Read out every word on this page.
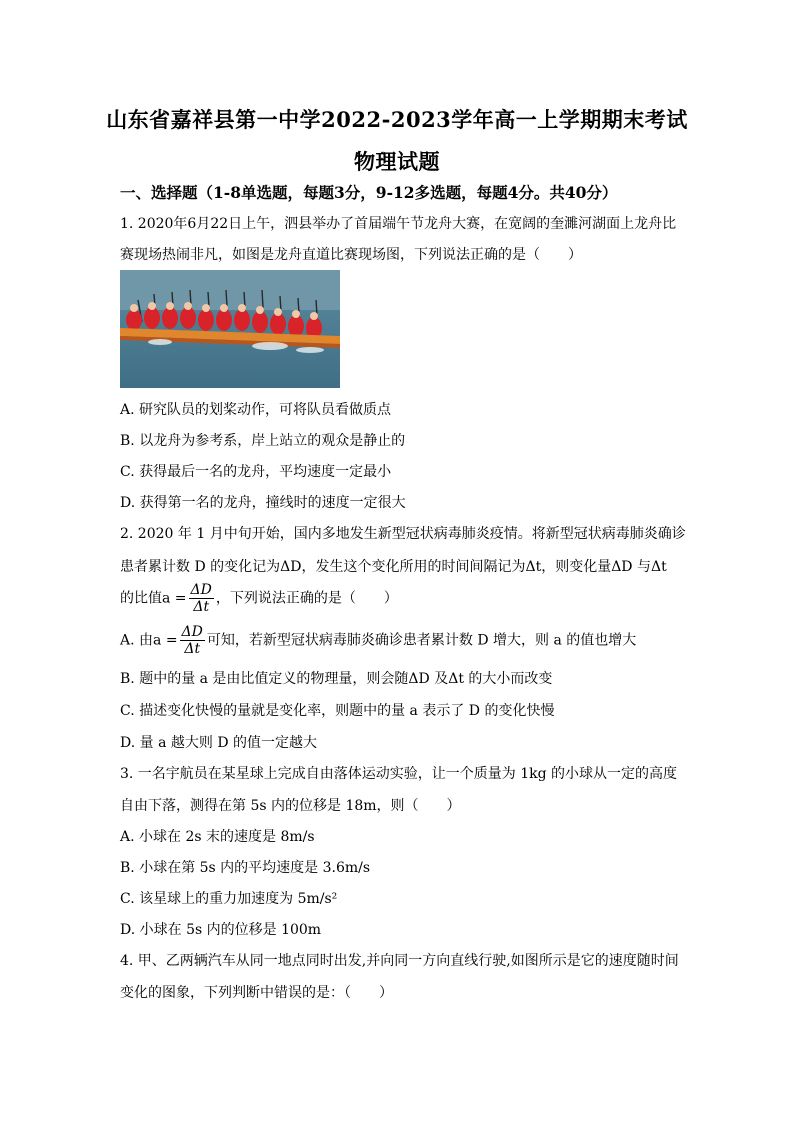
山东省嘉祥县第一中学2022-2023学年高一上学期期末考试
物理试题
一、选择题（1-8单选题，每题3分，9-12多选题，每题4分。共40分）
1. 2020年6月22日上午，泗县举办了首届端午节龙舟大赛，在宽阔的奎濉河湖面上龙舟比
赛现场热闹非凡，如图是龙舟直道比赛现场图，下列说法正确的是（　　）
A. 研究队员的划桨动作，可将队员看做质点
B. 以龙舟为参考系，岸上站立的观众是静止的
C. 获得最后一名的龙舟，平均速度一定最小
D. 获得第一名的龙舟，撞线时的速度一定很大
2. 2020 年 1 月中旬开始，国内多地发生新型冠状病毒肺炎疫情。将新型冠状病毒肺炎确诊
患者累计数 D 的变化记为ΔD，发生这个变化所用的时间间隔记为Δt，则变化量ΔD 与Δt
的比值$a = \frac{\Delta D}{\Delta t}$ ，下列说法正确的是（　　）
A. 由$a = \frac{\Delta D}{\Delta t}$ 可知，若新型冠状病毒肺炎确诊患者累计数 D 增大，则 a 的值也增大
B. 题中的量 a 是由比值定义的物理量，则会随ΔD 及Δt 的大小而改变
C. 描述变化快慢的量就是变化率，则题中的量 a 表示了 D 的变化快慢
D. 量 a 越大则 D 的值一定越大
3. 一名宇航员在某星球上完成自由落体运动实验，让一个质量为 1kg 的小球从一定的高度
自由下落，测得在第 5s 内的位移是 18m，则（　　）
A. 小球在 2s 末的速度是 8m/s
B. 小球在第 5s 内的平均速度是 3.6m/s
C. 该星球上的重力加速度为 5m/s²
D. 小球在 5s 内的位移是 100m
4. 甲、乙两辆汽车从同一地点同时出发,并向同一方向直线行驶,如图所示是它的速度随时间
变化的图象，下列判断中错误的是：（　　）
